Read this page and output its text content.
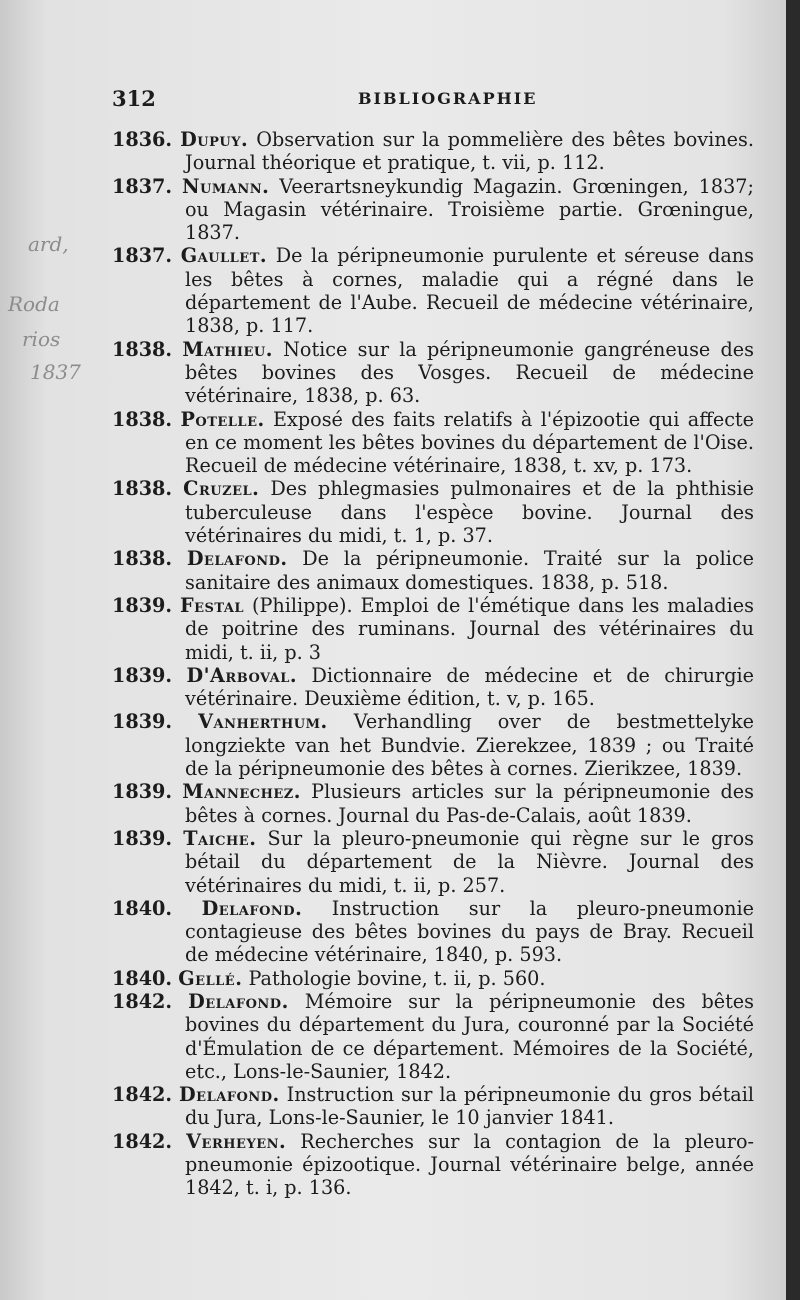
312	BIBLIOGRAPHIE
ard,
Roda
rios
1837

1836. Dupuy. Observation sur la pommelière des bêtes bovines. Journal théorique et pratique, t. vii, p. 112.

1837. Numann. Veerartsneykundig Magazin. Grœningen, 1837; ou Magasin vétérinaire. Troisième partie. Grœningue, 1837.

1837. Gaullet. De la péripneumonie purulente et séreuse dans les bêtes à cornes, maladie qui a régné dans le département de l'Aube. Recueil de médecine vétérinaire, 1838, p. 117.

1838. Mathieu. Notice sur la péripneumonie gangréneuse des bêtes bovines des Vosges. Recueil de médecine vétérinaire, 1838, p. 63.

1838. Potelle. Exposé des faits relatifs à l'épizootie qui affecte en ce moment les bêtes bovines du département de l'Oise. Recueil de médecine vétérinaire, 1838, t. xv, p. 173.

1838. Cruzel. Des phlegmasies pulmonaires et de la phthisie tuberculeuse dans l'espèce bovine. Journal des vétérinaires du midi, t. 1, p. 37.

1838. Delafond. De la péripneumonie. Traité sur la police sanitaire des animaux domestiques. 1838, p. 518.

1839. Festal (Philippe). Emploi de l'émétique dans les maladies de poitrine des ruminans. Journal des vétérinaires du midi, t. ii, p. 3

1839. D'Arboval. Dictionnaire de médecine et de chirurgie vétérinaire. Deuxième édition, t. v, p. 165.

1839. Vanherthum. Verhandling over de bestmettelyke longziekte van het Bundvie. Zierekzee, 1839 ; ou Traité de la péripneumonie des bêtes à cornes. Zierikzee, 1839.

1839. Mannechez. Plusieurs articles sur la péripneumonie des bêtes à cornes. Journal du Pas-de-Calais, août 1839.

1839. Taiche. Sur la pleuro-pneumonie qui règne sur le gros bétail du département de la Nièvre. Journal des vétérinaires du midi, t. ii, p. 257.

1840. Delafond. Instruction sur la pleuro-pneumonie contagieuse des bêtes bovines du pays de Bray. Recueil de médecine vétérinaire, 1840, p. 593.

1840. Gellé. Pathologie bovine, t. ii, p. 560.

1842. Delafond. Mémoire sur la péripneumonie des bêtes bovines du département du Jura, couronné par la Société d'Émulation de ce département. Mémoires de la Société, etc., Lons-le-Saunier, 1842.

1842. Delafond. Instruction sur la péripneumonie du gros bétail du Jura, Lons-le-Saunier, le 10 janvier 1841.

1842. Verheyen. Recherches sur la contagion de la pleuro-pneumonie épizootique. Journal vétérinaire belge, année 1842, t. i, p. 136.
